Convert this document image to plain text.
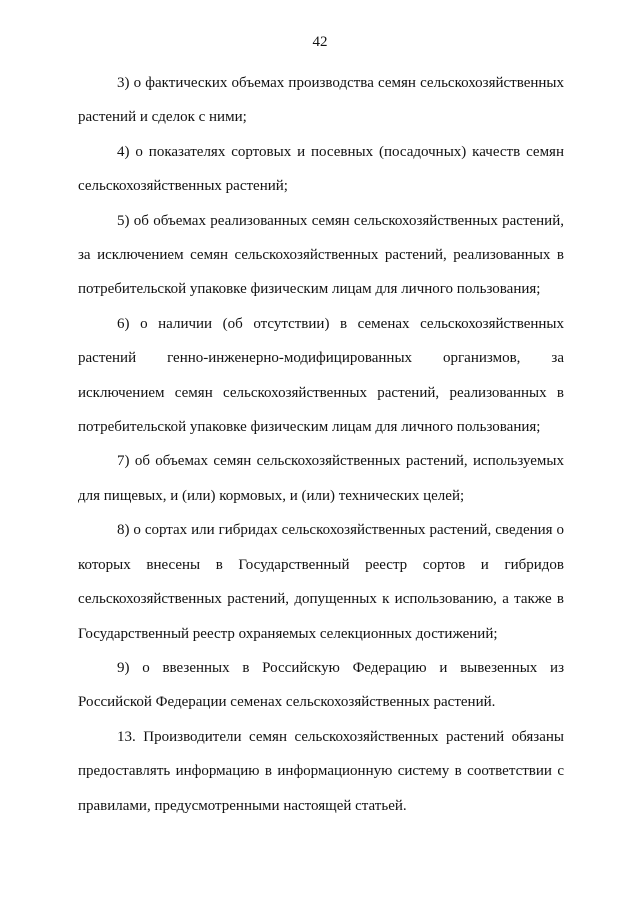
42

3) о фактических объемах производства семян сельскохозяйственных растений и сделок с ними;

4) о показателях сортовых и посевных (посадочных) качеств семян сельскохозяйственных растений;

5) об объемах реализованных семян сельскохозяйственных растений, за исключением семян сельскохозяйственных растений, реализованных в потребительской упаковке физическим лицам для личного пользования;

6) о наличии (об отсутствии) в семенах сельскохозяйственных растений генно-инженерно-модифицированных организмов, за исключением семян сельскохозяйственных растений, реализованных в потребительской упаковке физическим лицам для личного пользования;

7) об объемах семян сельскохозяйственных растений, используемых для пищевых, и (или) кормовых, и (или) технических целей;

8) о сортах или гибридах сельскохозяйственных растений, сведения о которых внесены в Государственный реестр сортов и гибридов сельскохозяйственных растений, допущенных к использованию, а также в Государственный реестр охраняемых селекционных достижений;

9) о ввезенных в Российскую Федерацию и вывезенных из Российской Федерации семенах сельскохозяйственных растений.

13. Производители семян сельскохозяйственных растений обязаны предоставлять информацию в информационную систему в соответствии с правилами, предусмотренными настоящей статьей.
